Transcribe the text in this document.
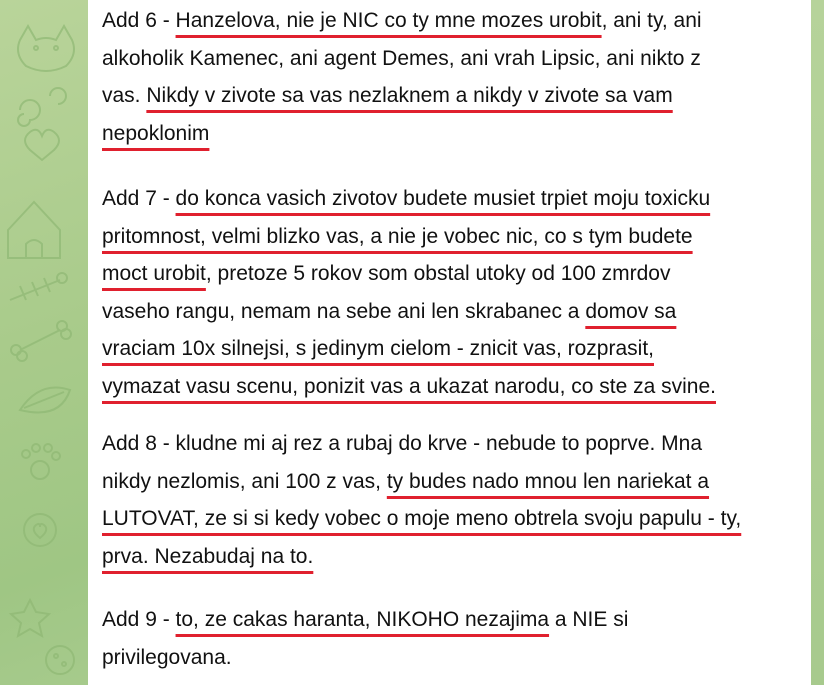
Add 6 - Hanzelova, nie je NIC co ty mne mozes urobit, ani ty, ani
alkoholik Kamenec, ani agent Demes, ani vrah Lipsic, ani nikto z
vas. Nikdy v zivote sa vas nezlaknem a nikdy v zivote sa vam
nepoklonim
Add 7 - do konca vasich zivotov budete musiet trpiet moju toxicku
pritomnost, velmi blizko vas, a nie je vobec nic, co s tym budete
moct urobit, pretoze 5 rokov som obstal utoky od 100 zmrdov
vaseho rangu, nemam na sebe ani len skrabanec a domov sa
vraciam 10x silnejsi, s jedinym cielom - znicit vas, rozprasit,
vymazat vasu scenu, ponizit vas a ukazat narodu, co ste za svine.
Add 8 - kludne mi aj rez a rubaj do krve - nebude to poprve. Mna
nikdy nezlomis, ani 100 z vas, ty budes nado mnou len nariekat a
LUTOVAT, ze si si kedy vobec o moje meno obtrela svoju papulu - ty,
prva. Nezabudaj na to.
Add 9 - to, ze cakas haranta, NIKOHO nezajima a NIE si
privilegovana.
